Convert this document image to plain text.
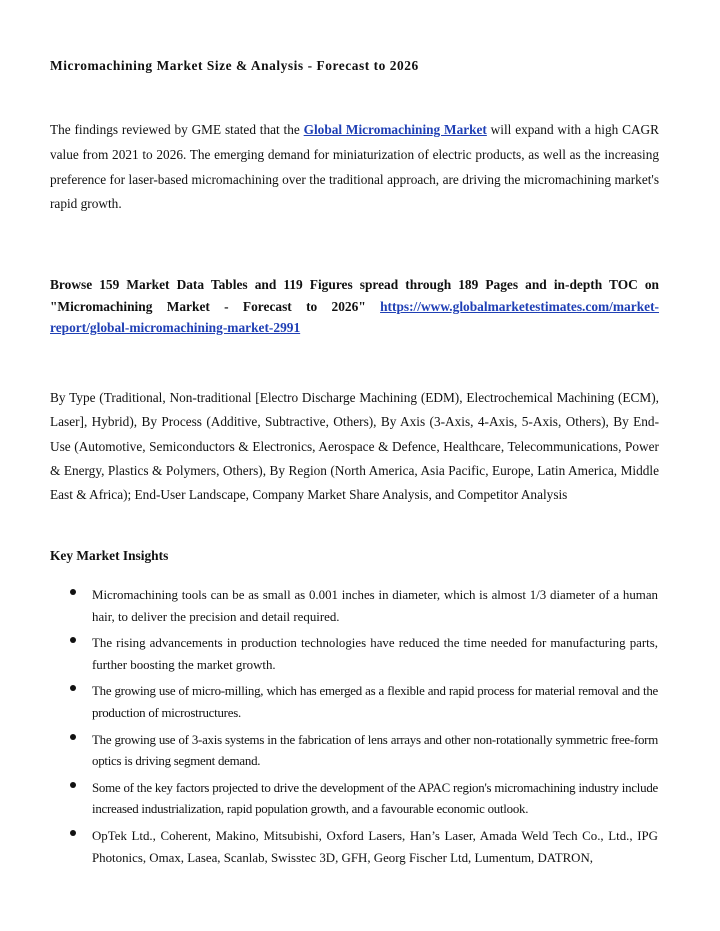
Micromachining Market Size & Analysis - Forecast to 2026

The findings reviewed by GME stated that the Global Micromachining Market will expand with a high CAGR value from 2021 to 2026. The emerging demand for miniaturization of electric products, as well as the increasing preference for laser-based micromachining over the traditional approach, are driving the micromachining market's rapid growth.

Browse 159 Market Data Tables and 119 Figures spread through 189 Pages and in-depth TOC on "Micromachining Market - Forecast to 2026" https://www.globalmarketestimates.com/market-report/global-micromachining-market-2991

By Type (Traditional, Non-traditional [Electro Discharge Machining (EDM), Electrochemical Machining (ECM), Laser], Hybrid), By Process (Additive, Subtractive, Others), By Axis (3-Axis, 4-Axis, 5-Axis, Others), By End-Use (Automotive, Semiconductors & Electronics, Aerospace & Defence, Healthcare, Telecommunications, Power & Energy, Plastics & Polymers, Others), By Region (North America, Asia Pacific, Europe, Latin America, Middle East & Africa); End-User Landscape, Company Market Share Analysis, and Competitor Analysis

Key Market Insights
Micromachining tools can be as small as 0.001 inches in diameter, which is almost 1/3 diameter of a human hair, to deliver the precision and detail required.
The rising advancements in production technologies have reduced the time needed for manufacturing parts, further boosting the market growth.
The growing use of micro-milling, which has emerged as a flexible and rapid process for material removal and the production of microstructures.
The growing use of 3-axis systems in the fabrication of lens arrays and other non-rotationally symmetric free-form optics is driving segment demand.
Some of the key factors projected to drive the development of the APAC region's micromachining industry include increased industrialization, rapid population growth, and a favourable economic outlook.
OpTek Ltd., Coherent, Makino, Mitsubishi, Oxford Lasers, Han’s Laser, Amada Weld Tech Co., Ltd., IPG Photonics, Omax, Lasea, Scanlab, Swisstec 3D, GFH, Georg Fischer Ltd, Lumentum, DATRON,
